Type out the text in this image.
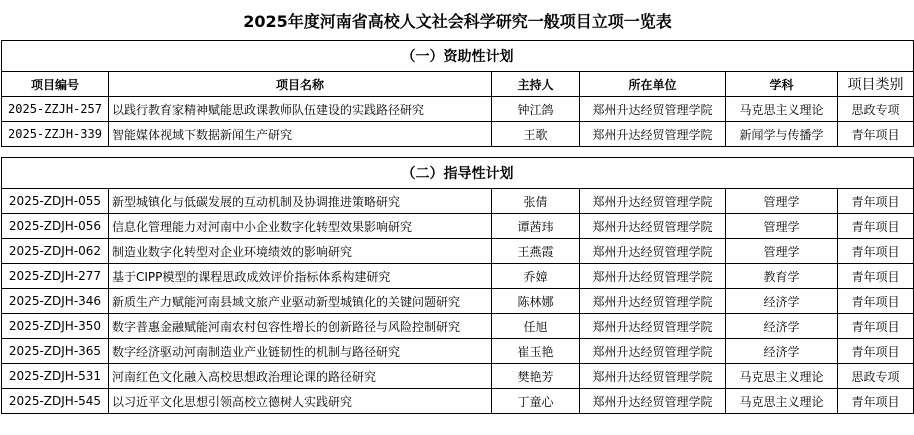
2025年度河南省高校人文社会科学研究一般项目立项一览表					
（一）资助性计划					
项目编号	项目名称	主持人	所在单位	学科	项目类别
2025-ZZJH-257	以践行教育家精神赋能思政课教师队伍建设的实践路径研究	钟江鸽	郑州升达经贸管理学院	马克思主义理论	思政专项
2025-ZZJH-339	智能媒体视域下数据新闻生产研究	王歌	郑州升达经贸管理学院	新闻学与传播学	青年项目

（二）指导性计划					
2025-ZDJH-055	新型城镇化与低碳发展的互动机制及协调推进策略研究	张倩	郑州升达经贸管理学院	管理学	青年项目
2025-ZDJH-056	信息化管理能力对河南中小企业数字化转型效果影响研究	谭茜玮	郑州升达经贸管理学院	管理学	青年项目
2025-ZDJH-062	制造业数字化转型对企业环境绩效的影响研究	王燕霞	郑州升达经贸管理学院	管理学	青年项目
2025-ZDJH-277	基于CIPP模型的课程思政成效评价指标体系构建研究	乔嫜	郑州升达经贸管理学院	教育学	青年项目
2025-ZDJH-346	新质生产力赋能河南县域文旅产业驱动新型城镇化的关键问题研究	陈林娜	郑州升达经贸管理学院	经济学	青年项目
2025-ZDJH-350	数字普惠金融赋能河南农村包容性增长的创新路径与风险控制研究	任旭	郑州升达经贸管理学院	经济学	青年项目
2025-ZDJH-365	数字经济驱动河南制造业产业链韧性的机制与路径研究	崔玉艳	郑州升达经贸管理学院	经济学	青年项目
2025-ZDJH-531	河南红色文化融入高校思想政治理论课的路径研究	樊艳芳	郑州升达经贸管理学院	马克思主义理论	思政专项
2025-ZDJH-545	以习近平文化思想引领高校立德树人实践研究	丁童心	郑州升达经贸管理学院	马克思主义理论	青年项目
